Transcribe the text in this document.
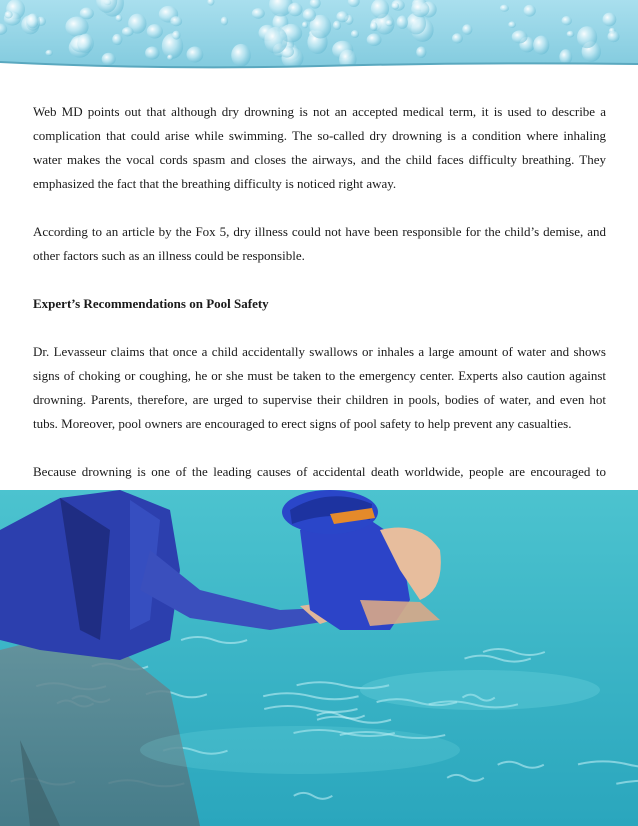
Web MD points out that although dry drowning is not an accepted medical term, it is used to describe a complication that could arise while swimming. The so-called dry drowning is a condition where inhaling water makes the vocal cords spasm and closes the airways, and the child faces difficulty breathing. They emphasized the fact that the breathing difficulty is noticed right away.

According to an article by the Fox 5, dry illness could not have been responsible for the child’s demise, and other factors such as an illness could be responsible.

Expert’s Recommendations on Pool Safety

Dr. Levasseur claims that once a child accidentally swallows or inhales a large amount of water and shows signs of choking or coughing, he or she must be taken to the emergency center. Experts also caution against drowning. Parents, therefore, are urged to supervise their children in pools, bodies of water, and even hot tubs. Moreover, pool owners are encouraged to erect signs of pool safety to help prevent any casualties.

Because drowning is one of the leading causes of accidental death worldwide, people are encouraged to
